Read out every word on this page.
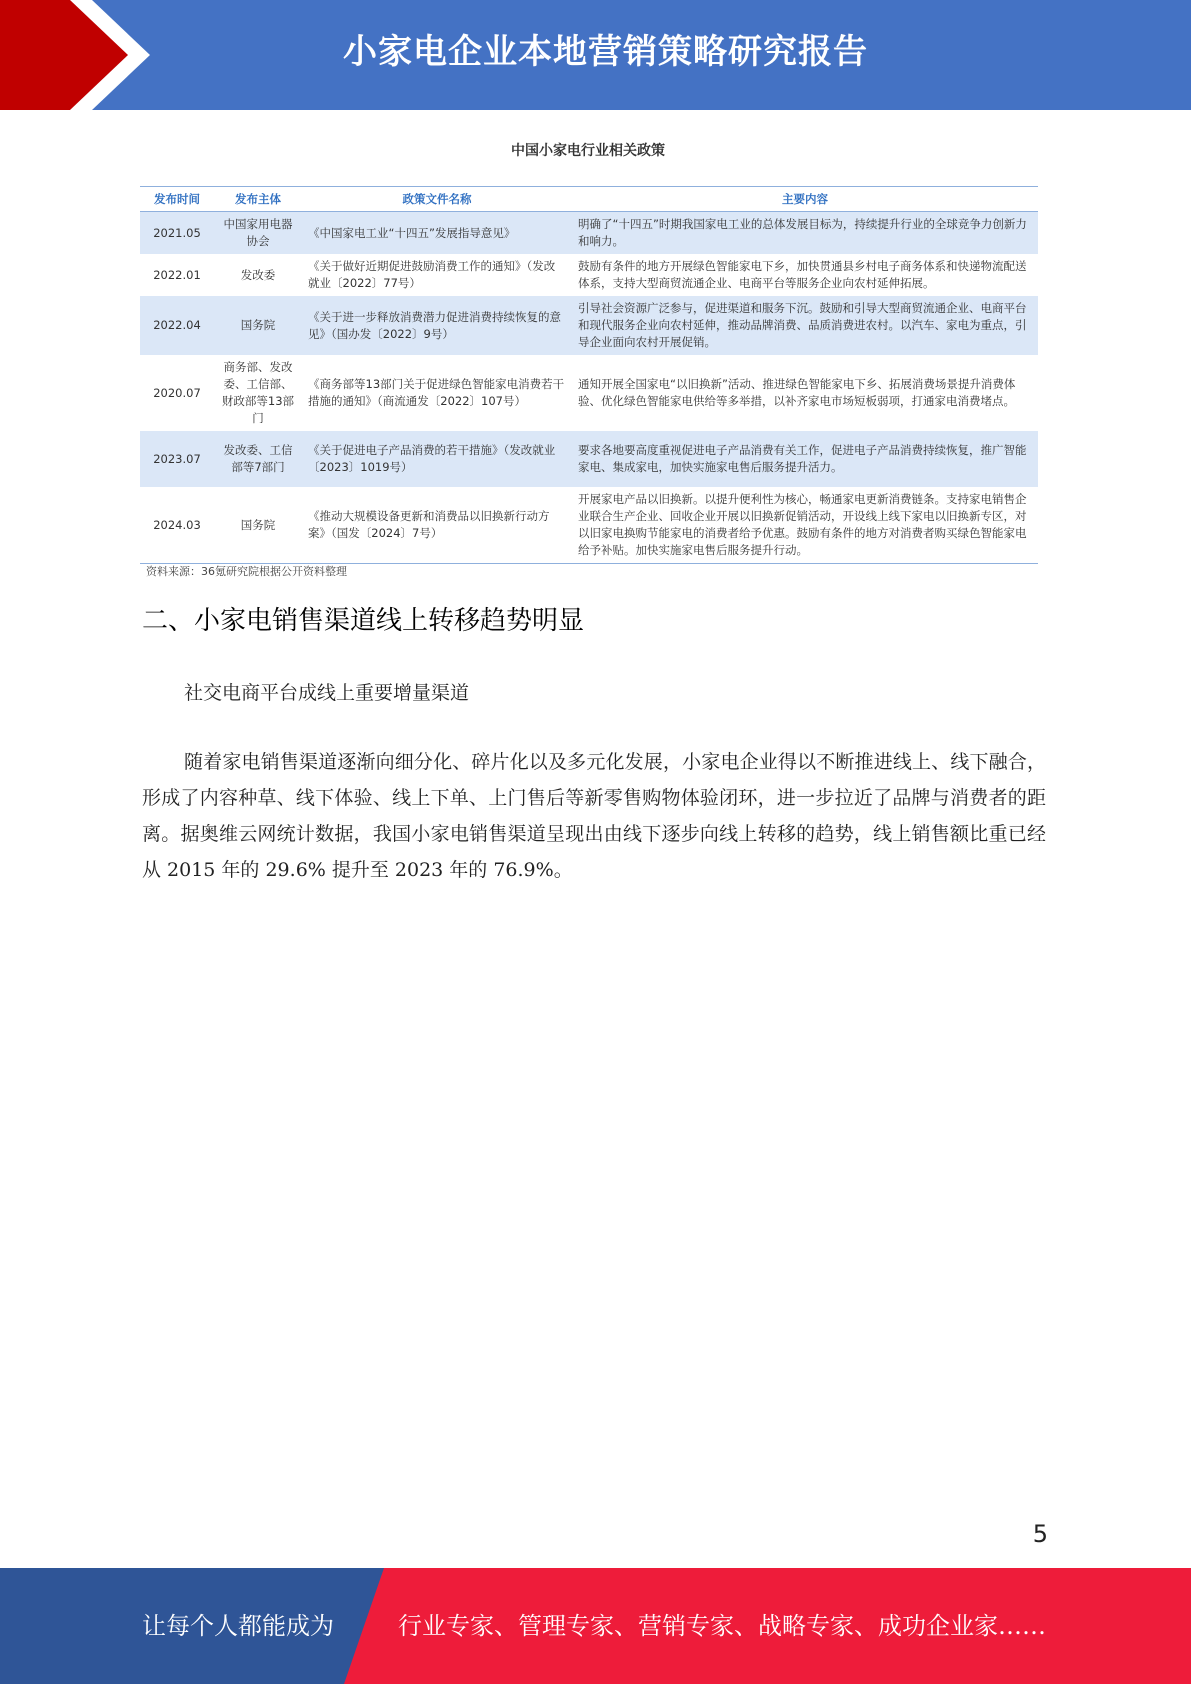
小家电企业本地营销策略研究报告
中国小家电行业相关政策
发布时间	发布主体	政策文件名称	主要内容
2021.05	中国家用电器协会	《中国家电工业“十四五”发展指导意见》	明确了“十四五”时期我国家电工业的总体发展目标为，持续提升行业的全球竞争力创新力和响力。
2022.01	发改委	《关于做好近期促进鼓励消费工作的通知》（发改就业〔2022〕77号）	鼓励有条件的地方开展绿色智能家电下乡，加快贯通县乡村电子商务体系和快递物流配送体系，支持大型商贸流通企业、电商平台等服务企业向农村延伸拓展。
2022.04	国务院	《关于进一步释放消费潜力促进消费持续恢复的意见》（国办发〔2022〕9号）	引导社会资源广泛参与，促进渠道和服务下沉。鼓励和引导大型商贸流通企业、电商平台和现代服务企业向农村延伸，推动品牌消费、品质消费进农村。以汽车、家电为重点，引导企业面向农村开展促销。
2020.07	商务部、发改委、工信部、财政部等13部门	《商务部等13部门关于促进绿色智能家电消费若干措施的通知》（商流通发〔2022〕107号）	通知开展全国家电“以旧换新”活动、推进绿色智能家电下乡、拓展消费场景提升消费体验、优化绿色智能家电供给等多举措，以补齐家电市场短板弱项，打通家电消费堵点。
2023.07	发改委、工信部等7部门	《关于促进电子产品消费的若干措施》（发改就业〔2023〕1019号）	要求各地要高度重视促进电子产品消费有关工作，促进电子产品消费持续恢复，推广智能家电、集成家电，加快实施家电售后服务提升活力。
2024.03	国务院	《推动大规模设备更新和消费品以旧换新行动方案》（国发〔2024〕7号）	开展家电产品以旧换新。以提升便利性为核心，畅通家电更新消费链条。支持家电销售企业联合生产企业、回收企业开展以旧换新促销活动，开设线上线下家电以旧换新专区，对以旧家电换购节能家电的消费者给予优惠。鼓励有条件的地方对消费者购买绿色智能家电给予补贴。加快实施家电售后服务提升行动。
资料来源：36氪研究院根据公开资料整理
二、小家电销售渠道线上转移趋势明显
社交电商平台成线上重要增量渠道

随着家电销售渠道逐渐向细分化、碎片化以及多元化发展，小家电企业得以不断推进线上、线下融合，形成了内容种草、线下体验、线上下单、上门售后等新零售购物体验闭环，进一步拉近了品牌与消费者的距离。据奥维云网统计数据，我国小家电销售渠道呈现出由线下逐步向线上转移的趋势，线上销售额比重已经从 2015 年的 29.6% 提升至 2023 年的 76.9%。

5
让每个人都能成为	行业专家、管理专家、营销专家、战略专家、成功企业家……
